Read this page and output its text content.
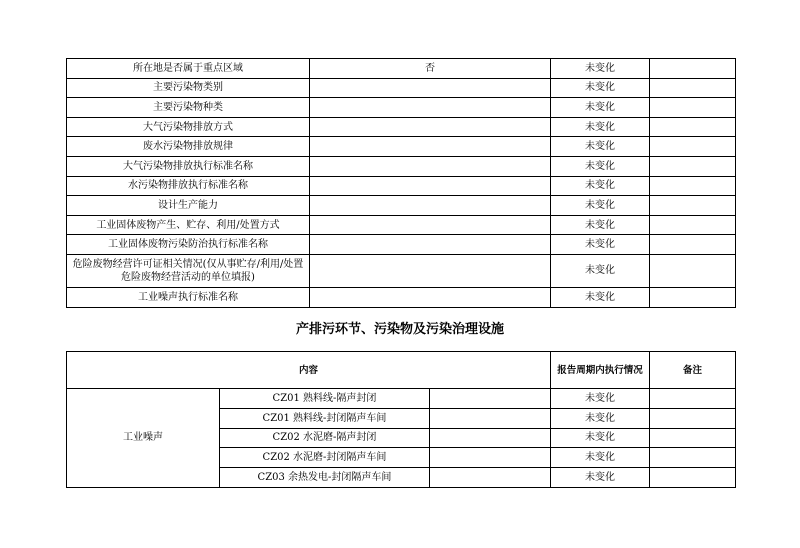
所在地是否属于重点区域	否	未变化	
主要污染物类别		未变化	
主要污染物种类		未变化	
大气污染物排放方式		未变化	
废水污染物排放规律		未变化	
大气污染物排放执行标准名称		未变化	
水污染物排放执行标准名称		未变化	
设计生产能力		未变化	
工业固体废物产生、贮存、利用/处置方式		未变化	
工业固体废物污染防治执行标准名称		未变化	
危险废物经营许可证相关情况(仅从事贮存/利用/处置危险废物经营活动的单位填报)		未变化	
工业噪声执行标准名称		未变化	
产排污环节、污染物及污染治理设施
内容			报告周期内执行情况	备注
工业噪声	CZ01 熟料线-隔声封闭		未变化	
	CZ01 熟料线-封闭隔声车间		未变化	
	CZ02 水泥磨-隔声封闭		未变化	
	CZ02 水泥磨-封闭隔声车间		未变化	
	CZ03 余热发电-封闭隔声车间		未变化	
